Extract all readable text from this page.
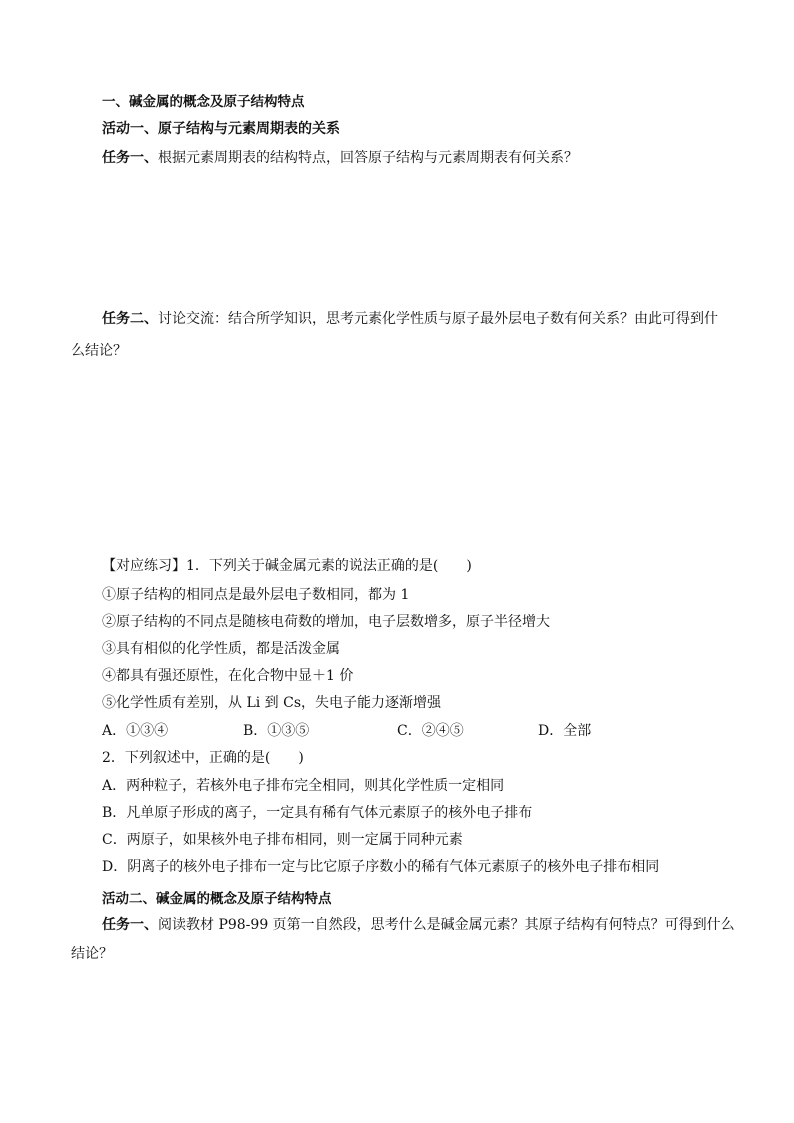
一、碱金属的概念及原子结构特点
活动一、原子结构与元素周期表的关系
任务一、根据元素周期表的结构特点，回答原子结构与元素周期表有何关系？
任务二、讨论交流：结合所学知识，思考元素化学性质与原子最外层电子数有何关系？由此可得到什
么结论？
【对应练习】1．下列关于碱金属元素的说法正确的是(　　)
①原子结构的相同点是最外层电子数相同，都为 1
②原子结构的不同点是随核电荷数的增加，电子层数增多，原子半径增大
③具有相似的化学性质，都是活泼金属
④都具有强还原性，在化合物中显＋1 价
⑤化学性质有差别，从 Li 到 Cs，失电子能力逐渐增强
A．①③④	B．①③⑤	C．②④⑤	D．全部
2．下列叙述中，正确的是(　　)
A．两种粒子，若核外电子排布完全相同，则其化学性质一定相同
B．凡单原子形成的离子，一定具有稀有气体元素原子的核外电子排布
C．两原子，如果核外电子排布相同，则一定属于同种元素
D．阴离子的核外电子排布一定与比它原子序数小的稀有气体元素原子的核外电子排布相同
活动二、碱金属的概念及原子结构特点
任务一、阅读教材 P98-99 页第一自然段，思考什么是碱金属元素？其原子结构有何特点？可得到什么
结论？
